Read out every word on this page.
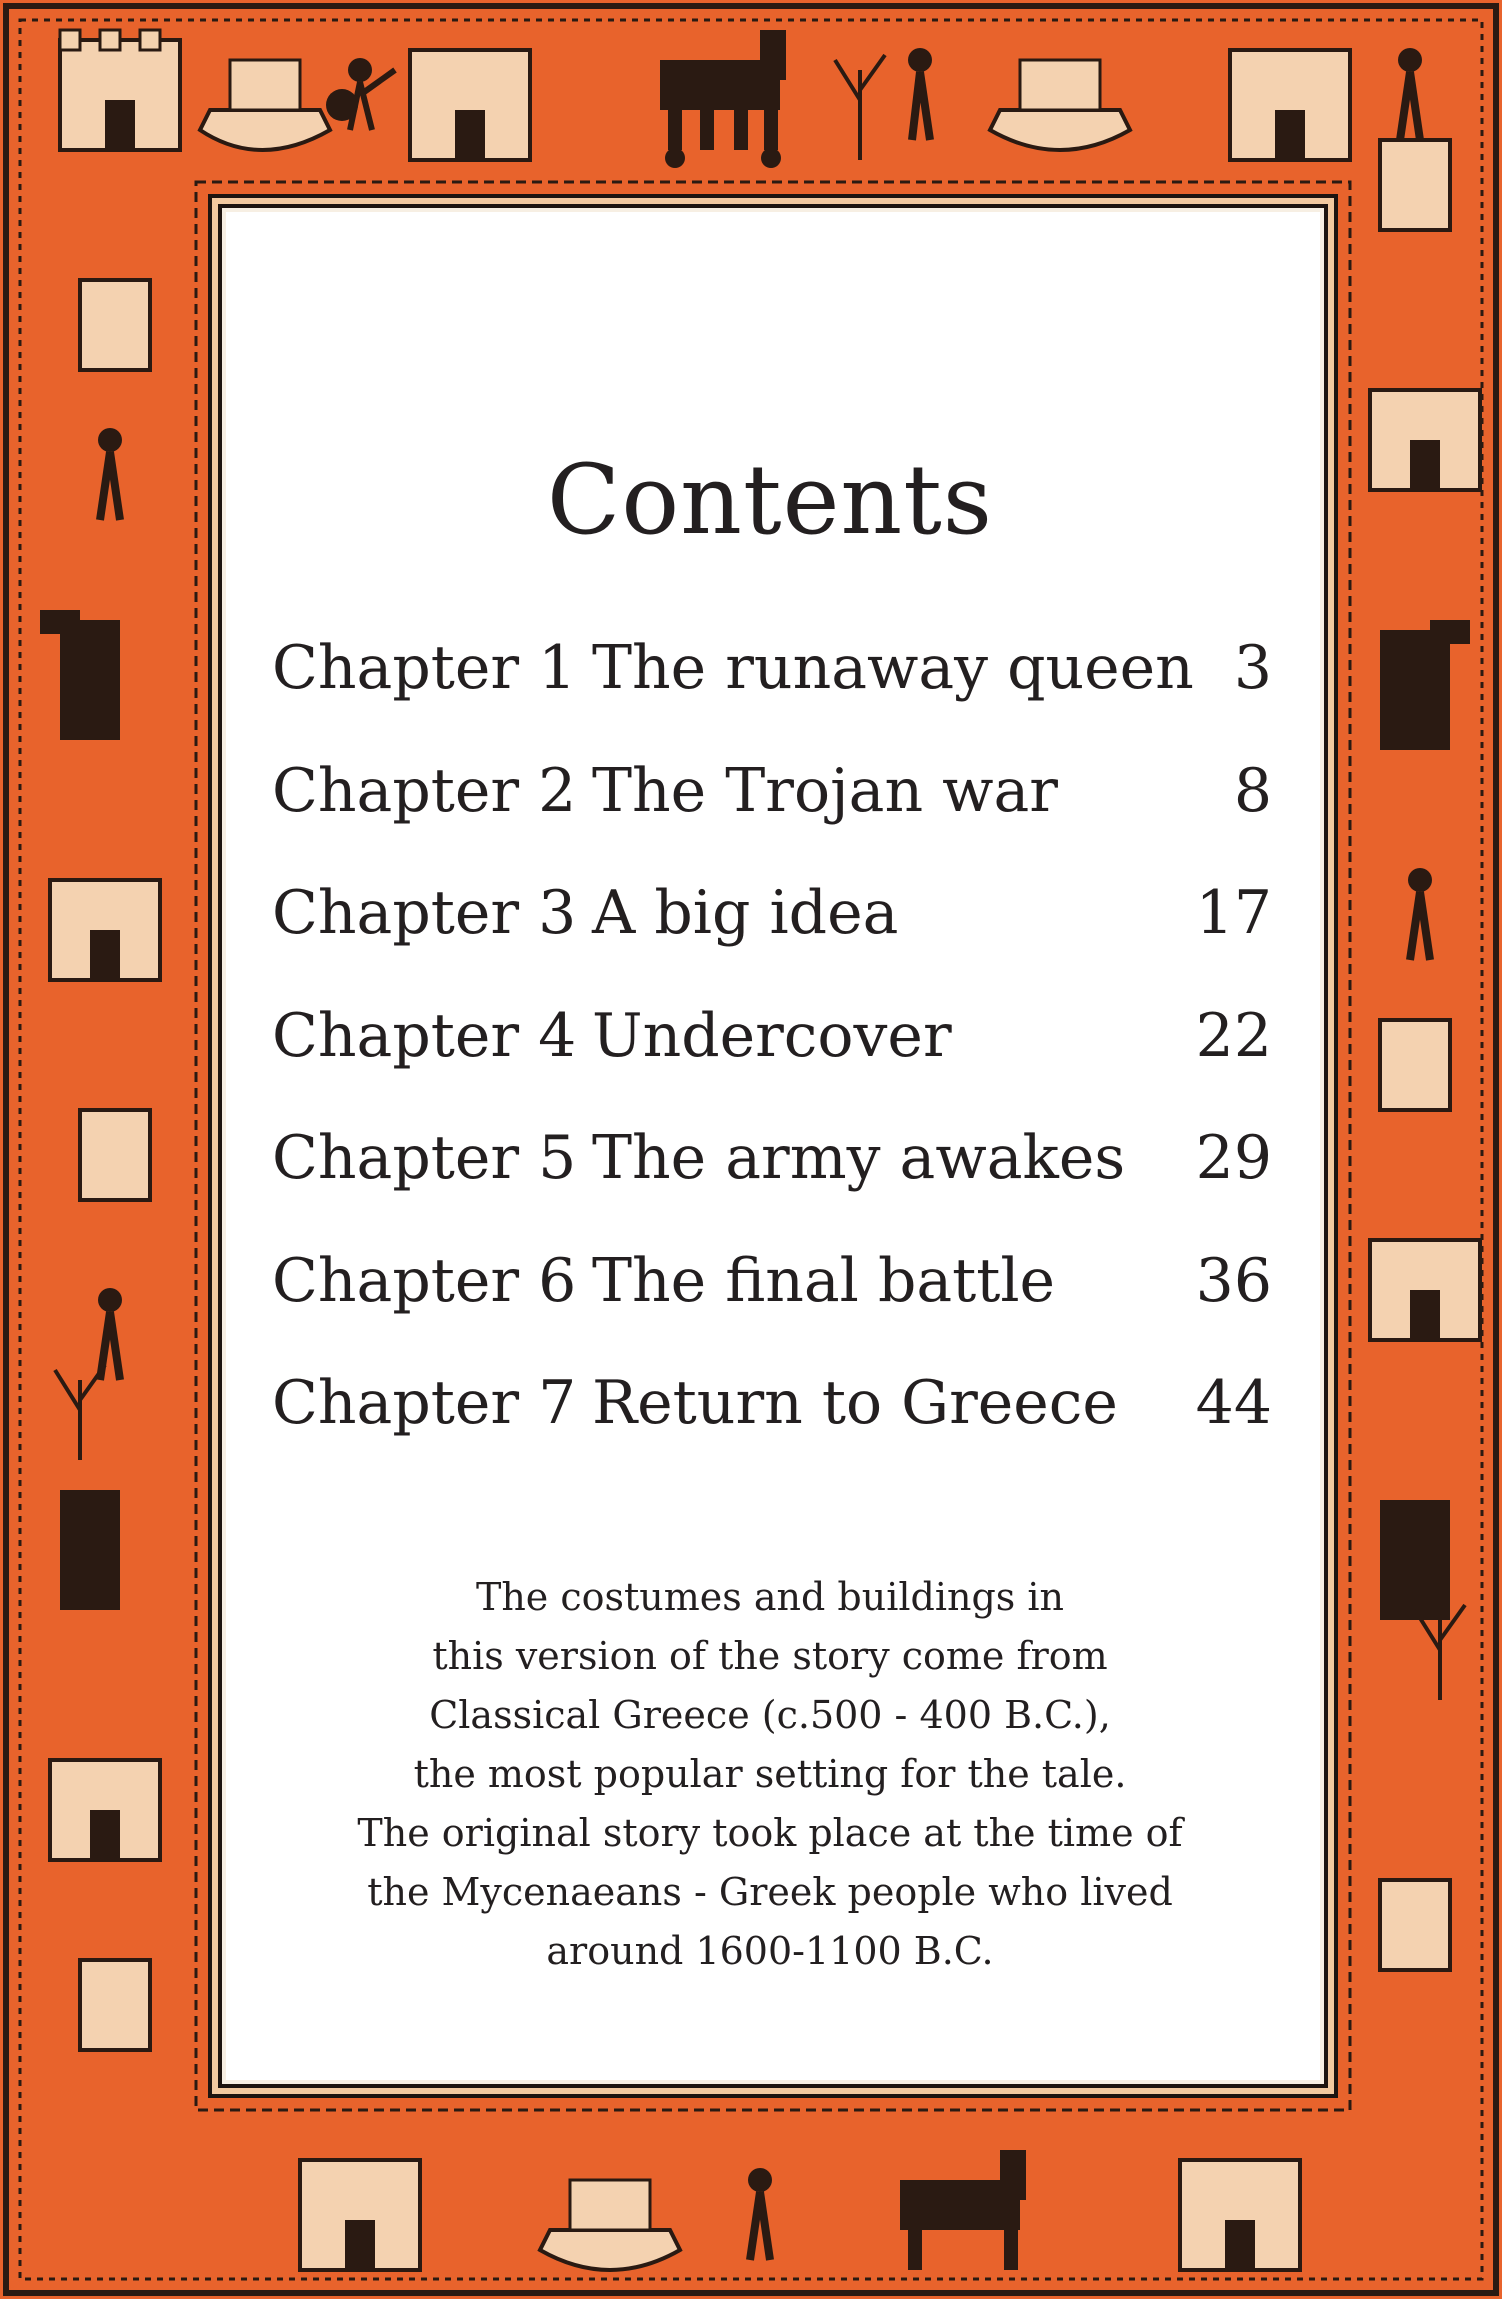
Contents
Chapter 1 The runaway queen 3
Chapter 2 The Trojan war	8
Chapter 3 A big idea	17
Chapter 4 Undercover	22
Chapter 5 The army awakes 29
Chapter 6 The final battle 36
Chapter 7 Return to Greece 44
The costumes and buildings in
this version of the story come from
Classical Greece (c.500 - 400 B.C.),
the most popular setting for the tale.
The original story took place at the time of
the Mycenaeans - Greek people who lived
around 1600-1100 B.C.
